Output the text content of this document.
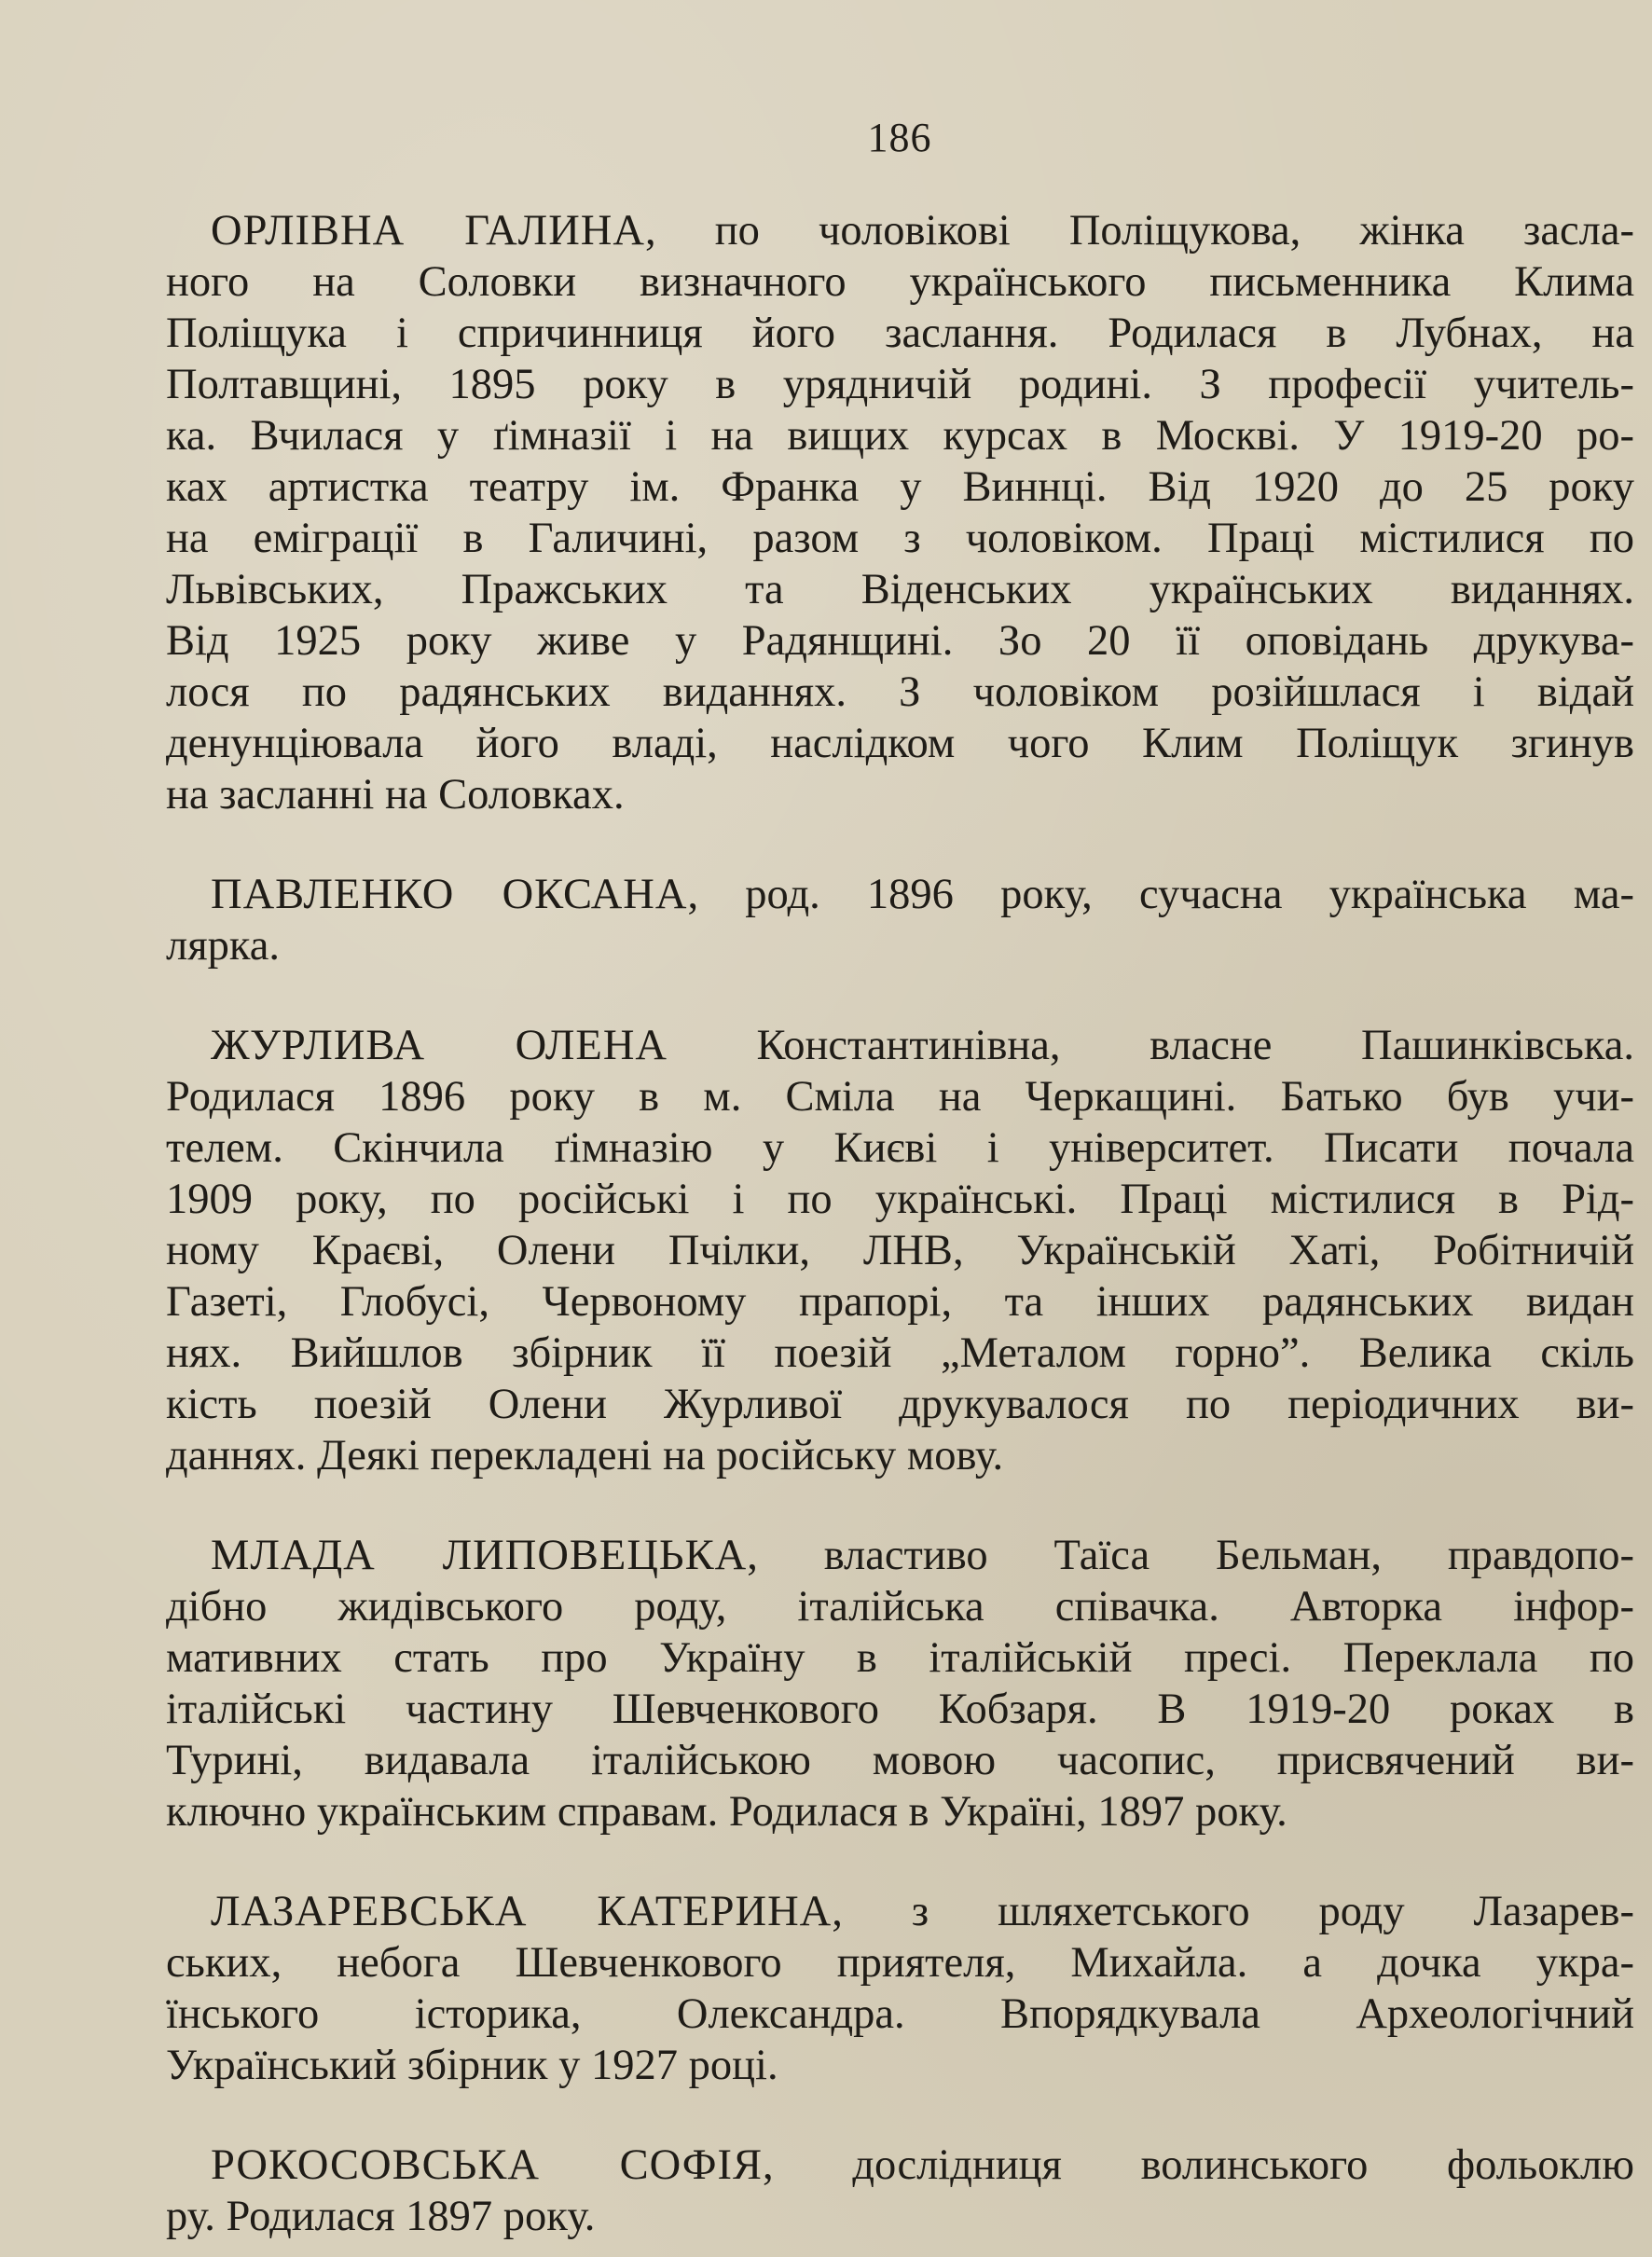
186
ОРЛІВНА ГАЛИНА, по чоловікові Поліщукова, жінка засла-
ного на Соловки визначного українського письменника Клима
Поліщука і спричинниця його заслання. Родилася в Лубнах, на
Полтавщині, 1895 року в урядничій родині. З професії учитель-
ка. Вчилася у ґімназії і на вищих курсах в Москві. У 1919-20 ро-
ках артистка театру ім. Франка у Виннці. Від 1920 до 25 року
на еміграції в Галичині, разом з чоловіком. Праці містилися по
Львівських, Пражських та Віденських українських виданнях.
Від 1925 року живе у Радянщині. Зо 20 її оповідань друкува-
лося по радянських виданнях. З чоловіком розійшлася і відай
денунціювала його владі, наслідком чого Клим Поліщук згинув
на засланні на Соловках.
ПАВЛЕНКО ОКСАНА, род. 1896 року, сучасна українська ма-
лярка.
ЖУРЛИВА ОЛЕНА Константинівна, власне Пашинківська.
Родилася 1896 року в м. Сміла на Черкащині. Батько був учи-
телем. Скінчила ґімназію у Києві і університет. Писати почала
1909 року, по російські і по українські. Праці містилися в Рід-
ному Краєві, Олени Пчілки, ЛНВ, Українській Хаті, Робітничій
Газеті, Глобусі, Червоному прапорі, та інших радянських видан
нях. Вийшлов збірник її поезій „Металом горно”. Велика скіль
кість поезій Олени Журливої друкувалося по періодичних ви-
даннях. Деякі перекладені на російську мову.
МЛАДА ЛИПОВЕЦЬКА, властиво Таїса Бельман, правдопо-
дібно жидівського роду, італійська співачка. Авторка інфор-
мативних стать про Україну в італійській пресі. Переклала по
італійські частину Шевченкового Кобзаря. В 1919-20 роках в
Турині, видавала італійською мовою часопис, присвячений ви-
ключно українським справам. Родилася в Україні, 1897 року.
ЛАЗАРЕВСЬКА КАТЕРИНА, з шляхетського роду Лазарев-
ських, небога Шевченкового приятеля, Михайла. а дочка укра-
їнського історика, Олександра. Впорядкувала Археологічний
Український збірник у 1927 році.
РОКОСОВСЬКА СОФІЯ, дослідниця волинського фольоклю
ру. Родилася 1897 року.
